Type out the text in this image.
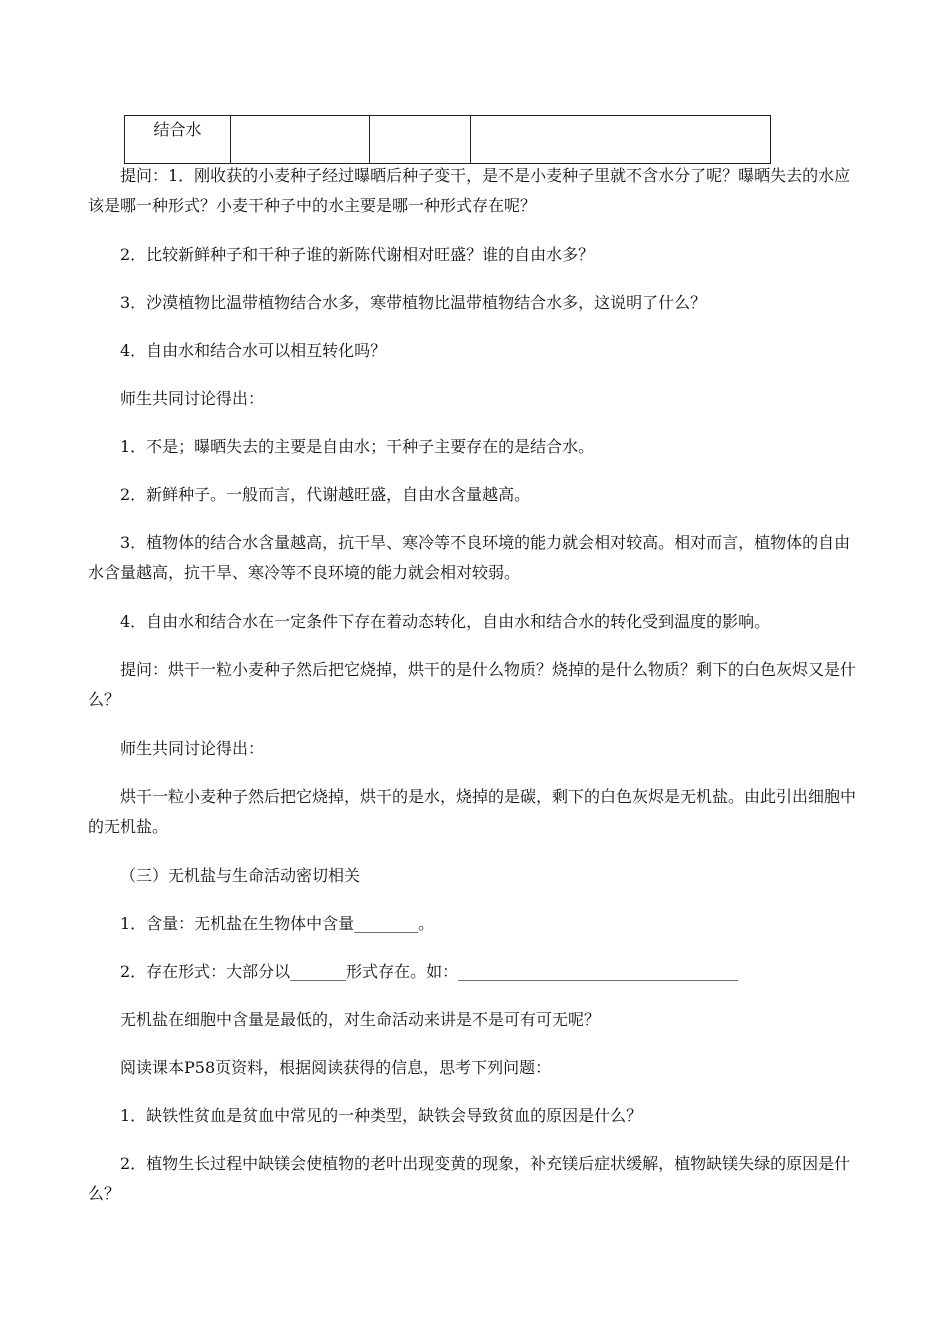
结合水			

提问：1．刚收获的小麦种子经过曝晒后种子变干，是不是小麦种子里就不含水分了呢？曝晒失去的水应该是哪一种形式？小麦干种子中的水主要是哪一种形式存在呢？

2．比较新鲜种子和干种子谁的新陈代谢相对旺盛？谁的自由水多？

3．沙漠植物比温带植物结合水多，寒带植物比温带植物结合水多，这说明了什么？

4．自由水和结合水可以相互转化吗？

师生共同讨论得出：

1．不是；曝晒失去的主要是自由水；干种子主要存在的是结合水。

2．新鲜种子。一般而言，代谢越旺盛，自由水含量越高。

3．植物体的结合水含量越高，抗干旱、寒冷等不良环境的能力就会相对较高。相对而言，植物体的自由水含量越高，抗干旱、寒冷等不良环境的能力就会相对较弱。

4．自由水和结合水在一定条件下存在着动态转化，自由水和结合水的转化受到温度的影响。

提问：烘干一粒小麦种子然后把它烧掉，烘干的是什么物质？烧掉的是什么物质？剩下的白色灰烬又是什么？

师生共同讨论得出：

烘干一粒小麦种子然后把它烧掉，烘干的是水，烧掉的是碳，剩下的白色灰烬是无机盐。由此引出细胞中的无机盐。

（三）无机盐与生命活动密切相关

1．含量：无机盐在生物体中含量________。

2．存在形式：大部分以_______形式存在。如：___________________________________

无机盐在细胞中含量是最低的，对生命活动来讲是不是可有可无呢？

阅读课本P58页资料，根据阅读获得的信息，思考下列问题：

1．缺铁性贫血是贫血中常见的一种类型，缺铁会导致贫血的原因是什么？

2．植物生长过程中缺镁会使植物的老叶出现变黄的现象，补充镁后症状缓解，植物缺镁失绿的原因是什么？
